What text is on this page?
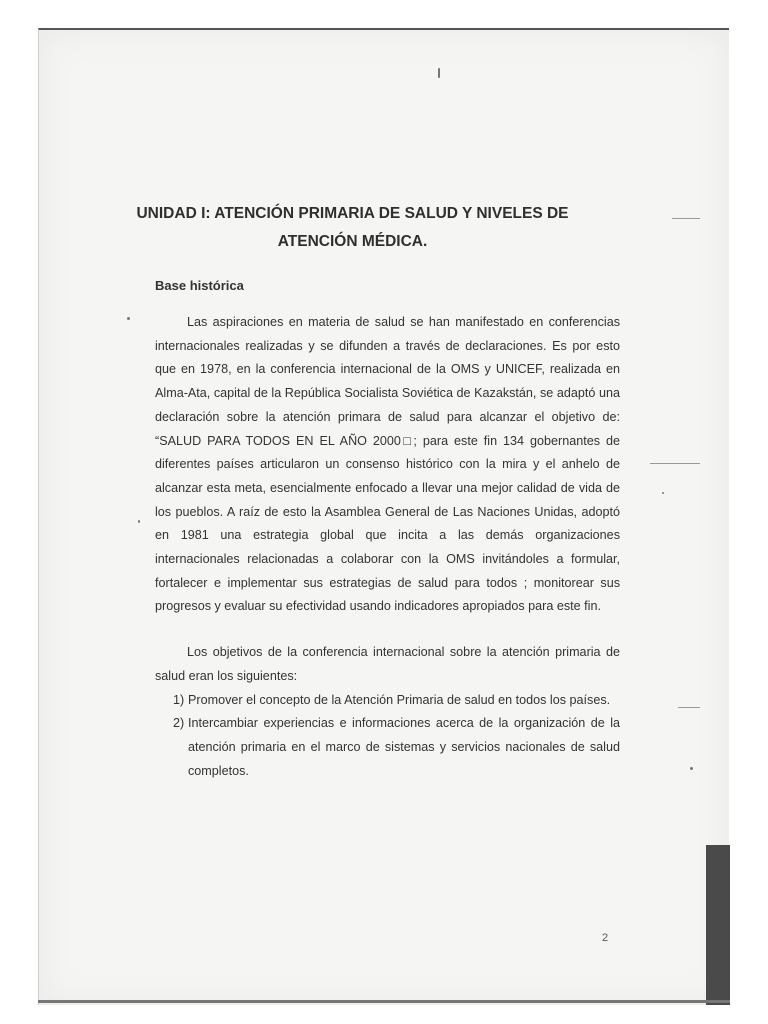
UNIDAD I: ATENCIÓN PRIMARIA DE SALUD Y NIVELES DE ATENCIÓN MÉDICA.
Base histórica

Las aspiraciones en materia de salud se han manifestado en conferencias internacionales realizadas y se difunden a través de declaraciones. Es por esto que en 1978, en la conferencia internacional de la OMS y UNICEF, realizada en Alma-Ata, capital de la República Socialista Soviética de Kazakstán, se adaptó una declaración sobre la atención primara de salud para alcanzar el objetivo de: “SALUD PARA TODOS EN EL AÑO 2000□; para este fin 134 gobernantes de diferentes países articularon un consenso histórico con la mira y el anhelo de alcanzar esta meta, esencialmente enfocado a llevar una mejor calidad de vida de los pueblos. A raíz de esto la Asamblea General de Las Naciones Unidas, adoptó en 1981 una estrategia global que incita a las demás organizaciones internacionales relacionadas a colaborar con la OMS invitándoles a formular, fortalecer e implementar sus estrategias de salud para todos ; monitorear sus progresos y evaluar su efectividad usando indicadores apropiados para este fin.

Los objetivos de la conferencia internacional sobre la atención primaria de salud eran los siguientes:

1) Promover el concepto de la Atención Primaria de salud en todos los países.
2) Intercambiar experiencias e informaciones acerca de la organización de la atención primaria en el marco de sistemas y servicios nacionales de salud completos.
2
